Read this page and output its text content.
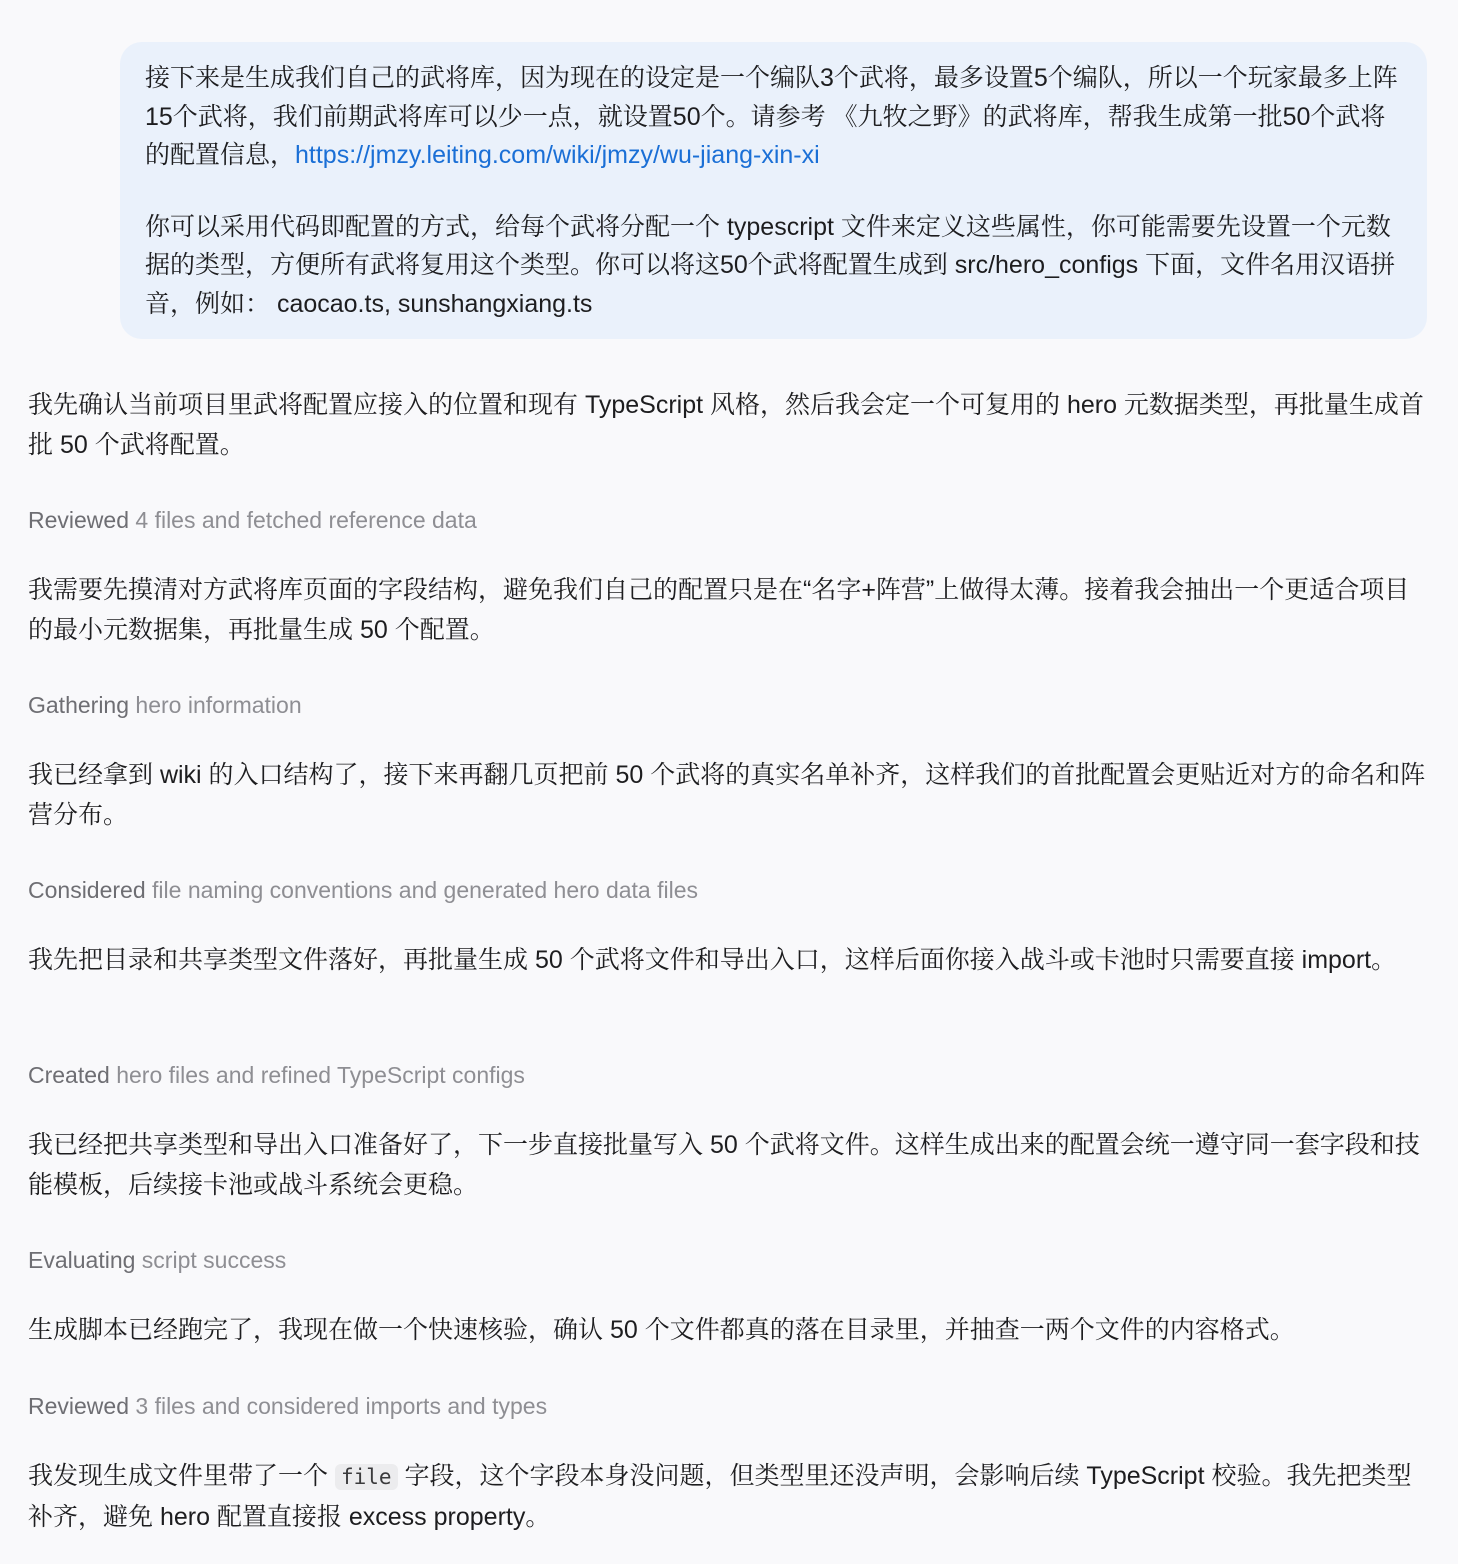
接下来是生成我们自己的武将库，因为现在的设定是一个编队3个武将，最多设置5个编队，所以一个玩家最多上阵15个武将，我们前期武将库可以少一点，就设置50个。请参考 《九牧之野》的武将库，帮我生成第一批50个武将的配置信息，https://jmzy.leiting.com/wiki/jmzy/wu-jiang-xin-xi

你可以采用代码即配置的方式，给每个武将分配一个 typescript 文件来定义这些属性，你可能需要先设置一个元数据的类型，方便所有武将复用这个类型。你可以将这50个武将配置生成到 src/hero_configs 下面，文件名用汉语拼音，例如： caocao.ts, sunshangxiang.ts

我先确认当前项目里武将配置应接入的位置和现有 TypeScript 风格，然后我会定一个可复用的 hero 元数据类型，再批量生成首批 50 个武将配置。

Reviewed 4 files and fetched reference data

我需要先摸清对方武将库页面的字段结构，避免我们自己的配置只是在“名字+阵营”上做得太薄。接着我会抽出一个更适合项目的最小元数据集，再批量生成 50 个配置。

Gathering hero information

我已经拿到 wiki 的入口结构了，接下来再翻几页把前 50 个武将的真实名单补齐，这样我们的首批配置会更贴近对方的命名和阵营分布。

Considered file naming conventions and generated hero data files

我先把目录和共享类型文件落好，再批量生成 50 个武将文件和导出入口，这样后面你接入战斗或卡池时只需要直接 import。

Created hero files and refined TypeScript configs

我已经把共享类型和导出入口准备好了，下一步直接批量写入 50 个武将文件。这样生成出来的配置会统一遵守同一套字段和技能模板，后续接卡池或战斗系统会更稳。

Evaluating script success

生成脚本已经跑完了，我现在做一个快速核验，确认 50 个文件都真的落在目录里，并抽查一两个文件的内容格式。

Reviewed 3 files and considered imports and types

我发现生成文件里带了一个 file 字段，这个字段本身没问题，但类型里还没声明，会影响后续 TypeScript 校验。我先把类型补齐，避免 hero 配置直接报 excess property。
